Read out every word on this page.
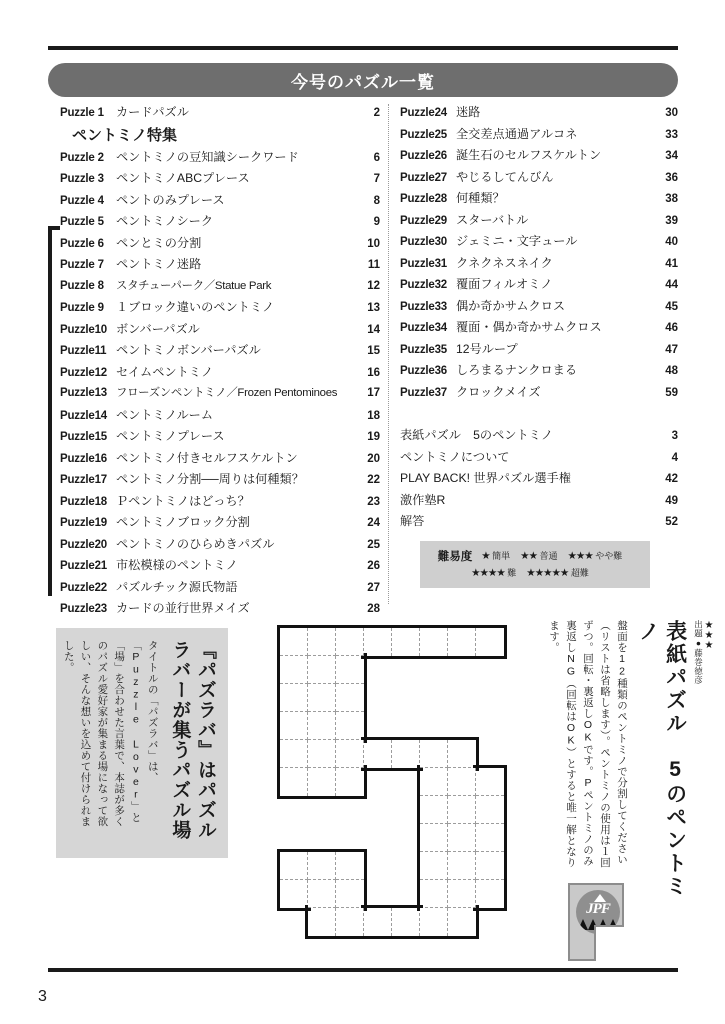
今号のパズル一覧
Puzzle 1	カードパズル	2
ペントミノ特集
Puzzle 2	ペントミノの豆知識シークワード	6
Puzzle 3	ペントミノABCプレース	7
Puzzle 4	ペントのみプレース	8
Puzzle 5	ペントミノシーク	9
Puzzle 6	ペンとミの分割	10
Puzzle 7	ペントミノ迷路	11
Puzzle 8	スタチューパーク／Statue Park	12
Puzzle 9	１ブロック違いのペントミノ	13
Puzzle10 ボンバーパズル	14
Puzzle11 ペントミノボンバーパズル	15
Puzzle12 セイムペントミノ	16
Puzzle13 フローズンペントミノ／Frozen Pentominoes	17
Puzzle14 ペントミノルーム	18
Puzzle15 ペントミノプレース	19
Puzzle16 ペントミノ付きセルフスケルトン	20
Puzzle17 ペントミノ分割──周りは何種類？	22
Puzzle18 Ｐペントミノはどっち？	23
Puzzle19 ペントミノブロック分割	24
Puzzle20 ペントミノのひらめきパズル	25
Puzzle21 市松模様のペントミノ	26
Puzzle22 パズルチック源氏物語	27
Puzzle23 カードの並行世界メイズ	28
Puzzle24 迷路	30
Puzzle25 全交差点通過アルコネ	33
Puzzle26 誕生石のセルフスケルトン	34
Puzzle27 やじるしてんびん	36
Puzzle28 何種類？	38
Puzzle29 スターバトル	39
Puzzle30 ジェミニ・文字ュール	40
Puzzle31 クネクネスネイク	41
Puzzle32 覆面フィルオミノ	44
Puzzle33 偶か奇かサムクロス	45
Puzzle34 覆面・偶か奇かサムクロス	46
Puzzle35 12号ループ	47
Puzzle36 しろまるナンクロまる	48
Puzzle37 クロックメイズ	59
表紙パズル　5のペントミノ	3
ペントミノについて	4
PLAY BACK! 世界パズル選手権	42
激作塾R	49
解答	52
難易度 ★ 簡単 ★★ 普通 ★★★ やや難
★★★★ 難 ★★★★★ 超難
『パズラバ』はパズルラバーが集うパズル場
タイトルの「パズラバ」は、「Puzzle Lover」と「場」を合わせた言葉で、本誌が多くのパズル愛好家が集まる場になって欲しい、そんな想いを込めて付けられました。
JPF
盤面を12種類のペントミノで分割してください（リストは省略します）。ペントミノの使用は１回ずつ。回転・裏返しOKです。Pペントミノのみ裏返しNG（回転はOK）とすると唯一解となります。	表紙パズル　5のペントミノ	★★★
出題●藤巻徳彦
3
